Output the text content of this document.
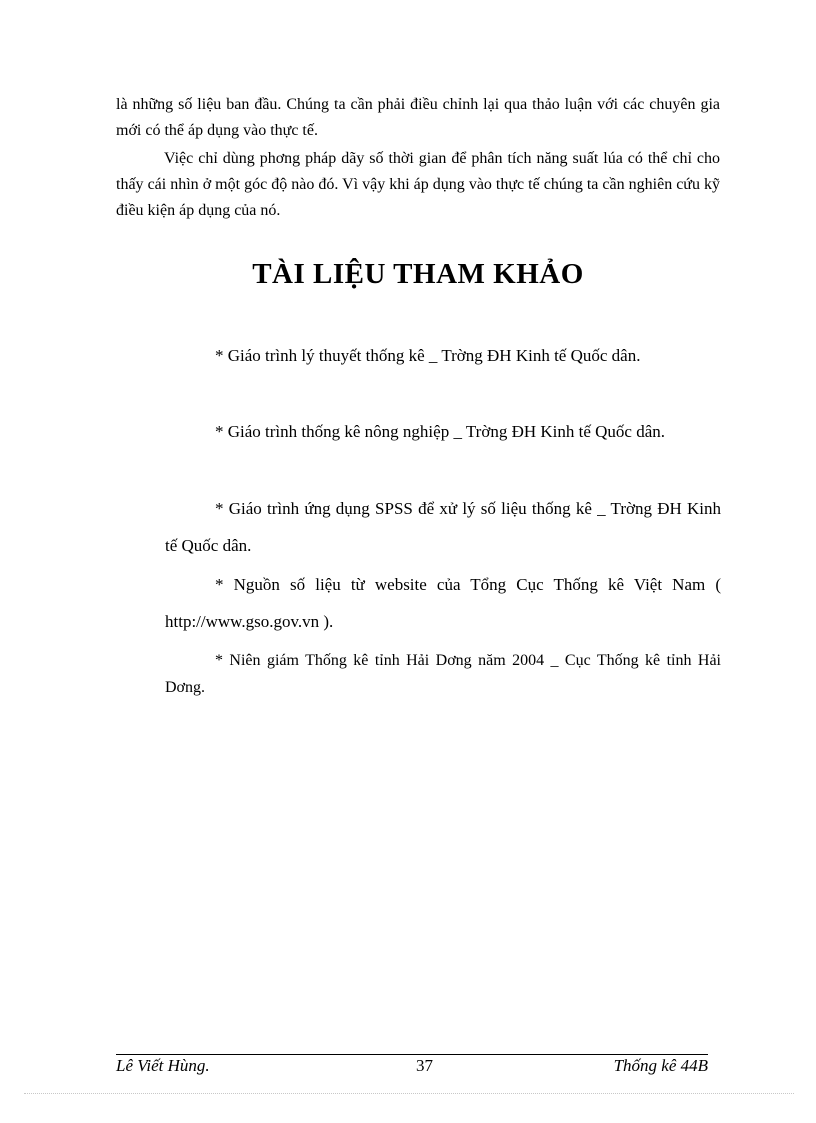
là những số liệu ban đầu. Chúng ta cần phải điều chỉnh lại qua thảo luận với các chuyên gia mới có thể áp dụng vào thực tế.

Việc chỉ dùng phơng pháp dãy số thời gian để phân tích năng suất lúa có thể chỉ cho thấy cái nhìn ở một góc độ nào đó. Vì vậy khi áp dụng vào thực tế chúng ta cần nghiên cứu kỹ điều kiện áp dụng của nó.

TÀI LIỆU THAM KHẢO

* Giáo trình lý thuyết thống kê _ Trờng ĐH Kinh tế Quốc dân.

* Giáo trình thống kê nông nghiệp _ Trờng ĐH Kinh tế Quốc dân.

* Giáo trình ứng dụng SPSS để xử lý số liệu thống kê _ Trờng ĐH Kinh tế Quốc dân.

* Nguồn số liệu từ website của Tổng Cục Thống kê Việt Nam ( http://www.gso.gov.vn ).

* Niên giám Thống kê tỉnh Hải Dơng năm 2004 _ Cục Thống kê tỉnh Hải Dơng.

Lê Viết Hùng.	37	Thống kê 44B
